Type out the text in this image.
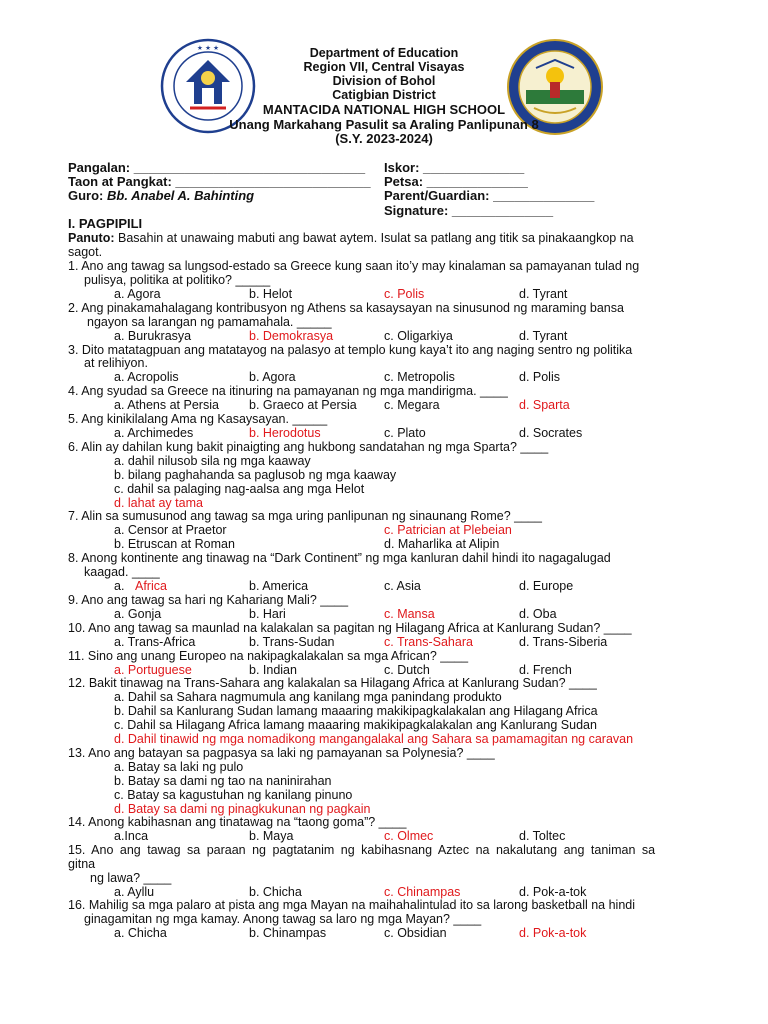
★ ★ ★	Department of Education
Region VII, Central Visayas
Division of Bohol
Catigbian District
MANTACIDA NATIONAL HIGH SCHOOL
Unang Markahang Pasulit sa Araling Panlipunan 8
(S.Y. 2023-2024)
Pangalan: ________________________________
Taon at Pangkat: ___________________________
Guro: Bb. Anabel A. Bahinting
Iskor: ______________
Petsa: ______________
Parent/Guardian: ______________
Signature: ______________
I. PAGPIPILI
Panuto: Basahin at unawaing mabuti ang bawat aytem. Isulat sa patlang ang titik sa pinakaangkop na
sagot.
1. Ano ang tawag sa lungsod-estado sa Greece kung saan ito’y may kinalaman sa pamayanan tulad ng
pulisya, politika at politiko? _____
a. Agora	b. Helot	c. Polis	d. Tyrant
2. Ang pinakamahalagang kontribusyon ng Athens sa kasaysayan na sinusunod ng maraming bansa
ngayon sa larangan ng pamamahala. _____
a. Burukrasya	b. Demokrasya	c. Oligarkiya	d. Tyrant
3. Dito matatagpuan ang matatayog na palasyo at templo kung kaya’t ito ang naging sentro ng politika
at relihiyon.
a. Acropolis	b. Agora	c. Metropolis	d. Polis
4. Ang syudad sa Greece na itinuring na pamayanan ng mga mandirigma. ____
a. Athens at Persia b. Graeco at Persia c. Megara	d. Sparta
5. Ang kinikilalang Ama ng Kasaysayan. _____
a. Archimedes	b. Herodotus	c. Plato	d. Socrates
6. Alin ay dahilan kung bakit pinaigting ang hukbong sandatahan ng mga Sparta? ____
a. dahil nilusob sila ng mga kaaway
b. bilang paghahanda sa paglusob ng mga kaaway
c. dahil sa palaging nag-aalsa ang mga Helot
d. lahat ay tama
7. Alin sa sumusunod ang tawag sa mga uring panlipunan ng sinaunang Rome? ____
a. Censor at Praetor	c. Patrician at Plebeian
b. Etruscan at Roman	d. Maharlika at Alipin
8. Anong kontinente ang tinawag na “Dark Continent” ng mga kanluran dahil hindi ito nagagalugad
kaagad. ____
a. Africa	b. America	c. Asia	d. Europe
9. Ano ang tawag sa hari ng Kahariang Mali? ____
a. Gonja	b. Hari	c. Mansa	d. Oba
10. Ano ang tawag sa maunlad na kalakalan sa pagitan ng Hilagang Africa at Kanlurang Sudan? ____
a. Trans-Africa	b. Trans-Sudan	c. Trans-Sahara	d. Trans-Siberia
11. Sino ang unang Europeo na nakipagkalakalan sa mga African? ____
a. Portuguese	b. Indian	c. Dutch	d. French
12. Bakit tinawag na Trans-Sahara ang kalakalan sa Hilagang Africa at Kanlurang Sudan? ____
a. Dahil sa Sahara nagmumula ang kanilang mga panindang produkto
b. Dahil sa Kanlurang Sudan lamang maaaring makikipagkalakalan ang Hilagang Africa
c. Dahil sa Hilagang Africa lamang maaaring makikipagkalakalan ang Kanlurang Sudan
d. Dahil tinawid ng mga nomadikong mangangalakal ang Sahara sa pamamagitan ng caravan
13. Ano ang batayan sa pagpasya sa laki ng pamayanan sa Polynesia? ____
a. Batay sa laki ng pulo
b. Batay sa dami ng tao na naninirahan
c. Batay sa kagustuhan ng kanilang pinuno
d. Batay sa dami ng pinagkukunan ng pagkain
14. Anong kabihasnan ang tinatawag na “taong goma”? ____
a.Inca	b. Maya	c. Olmec	d. Toltec
15. Ano ang tawag sa paraan ng pagtatanim ng kabihasnang Aztec na nakalutang ang taniman sa
gitna
ng lawa? ____
a. Ayllu	b. Chicha	c. Chinampas	d. Pok-a-tok
16. Mahilig sa mga palaro at pista ang mga Mayan na maihahalintulad ito sa larong basketball na hindi
ginagamitan ng mga kamay. Anong tawag sa laro ng mga Mayan? ____
a. Chicha	b. Chinampas	c. Obsidian	d. Pok-a-tok
